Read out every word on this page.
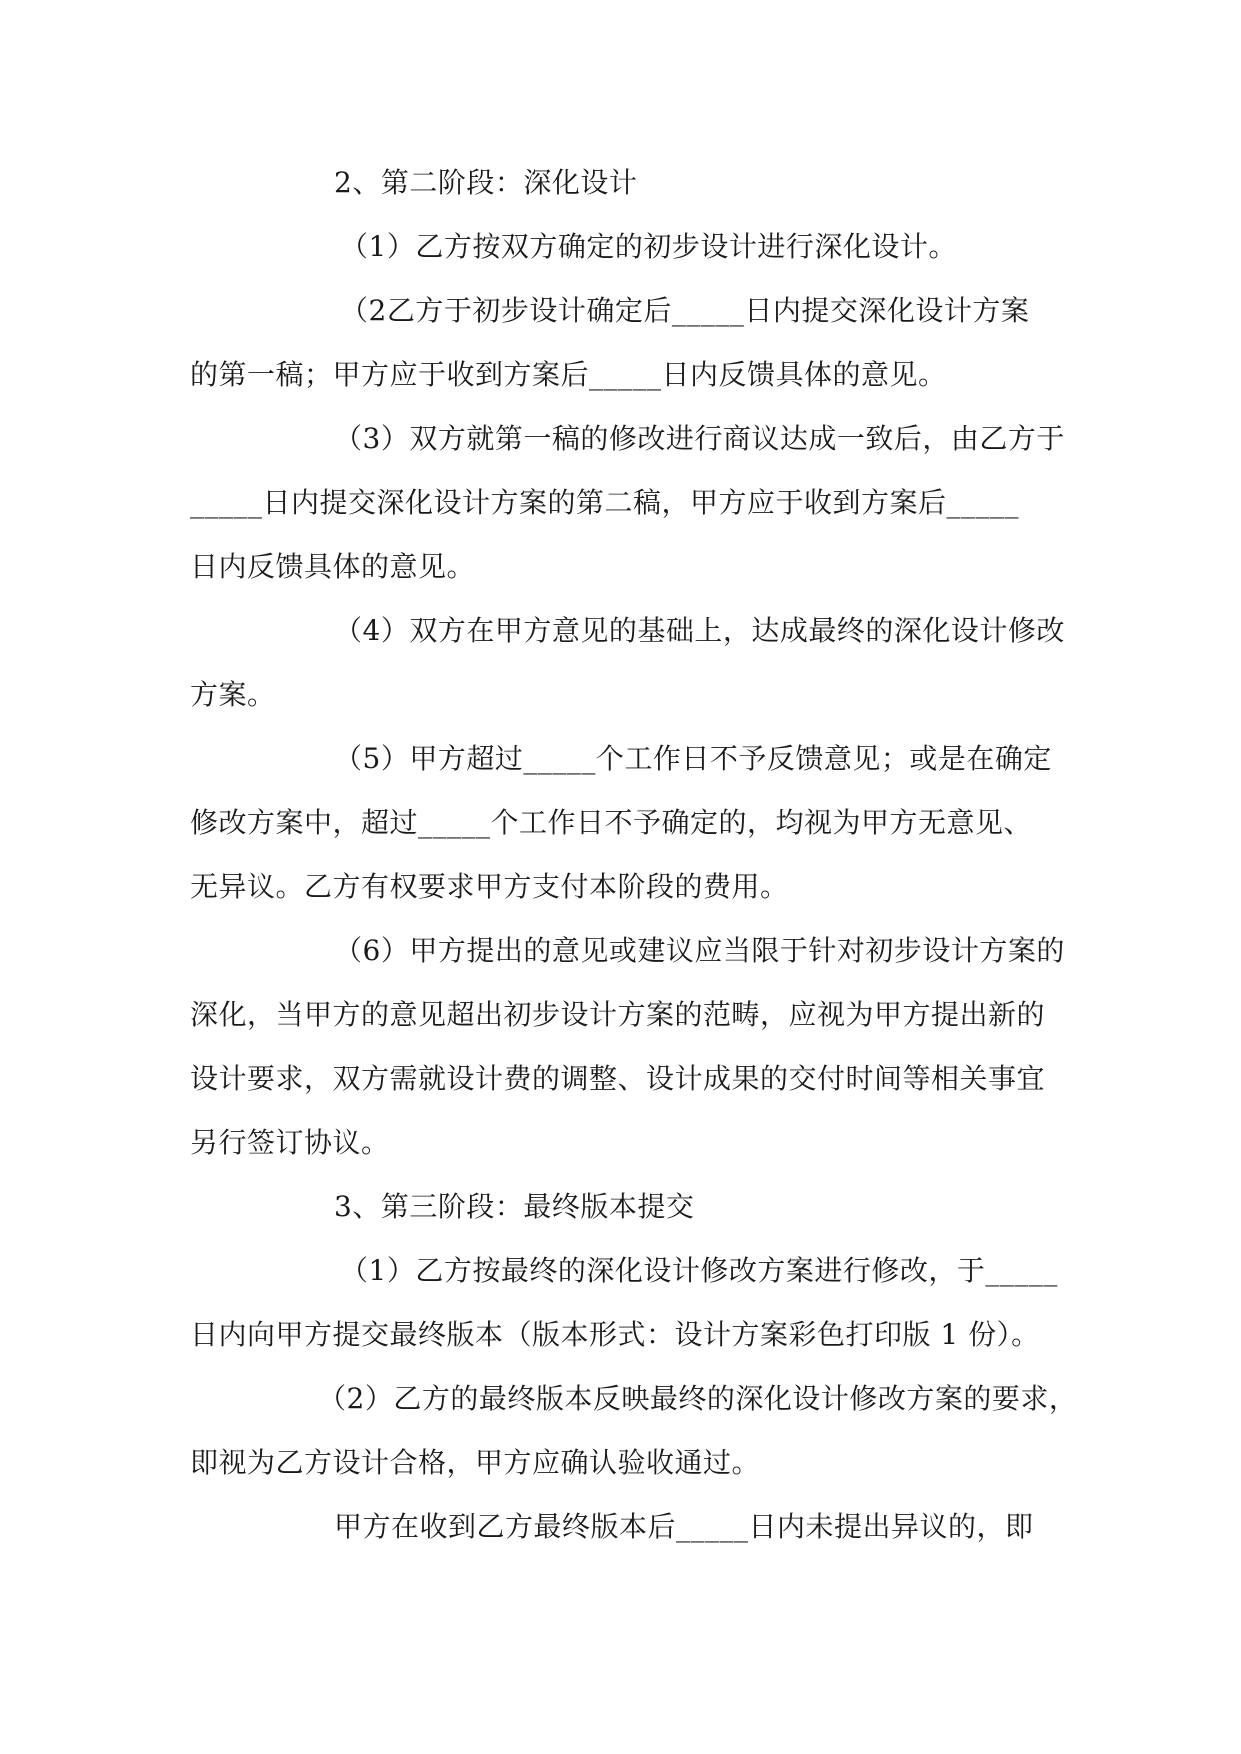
2、第二阶段：深化设计
（1）乙方按双方确定的初步设计进行深化设计。
（2乙方于初步设计确定后_____日内提交深化设计方案
的第一稿；甲方应于收到方案后_____日内反馈具体的意见。
（3）双方就第一稿的修改进行商议达成一致后，由乙方于
_____日内提交深化设计方案的第二稿，甲方应于收到方案后_____
日内反馈具体的意见。
（4）双方在甲方意见的基础上，达成最终的深化设计修改
方案。
（5）甲方超过_____个工作日不予反馈意见；或是在确定
修改方案中，超过_____个工作日不予确定的，均视为甲方无意见、
无异议。乙方有权要求甲方支付本阶段的费用。
（6）甲方提出的意见或建议应当限于针对初步设计方案的
深化，当甲方的意见超出初步设计方案的范畴，应视为甲方提出新的
设计要求，双方需就设计费的调整、设计成果的交付时间等相关事宜
另行签订协议。
3、第三阶段：最终版本提交
（1）乙方按最终的深化设计修改方案进行修改，于_____
日内向甲方提交最终版本（版本形式：设计方案彩色打印版 1 份）。
（2）乙方的最终版本反映最终的深化设计修改方案的要求，
即视为乙方设计合格，甲方应确认验收通过。
甲方在收到乙方最终版本后_____日内未提出异议的，即
